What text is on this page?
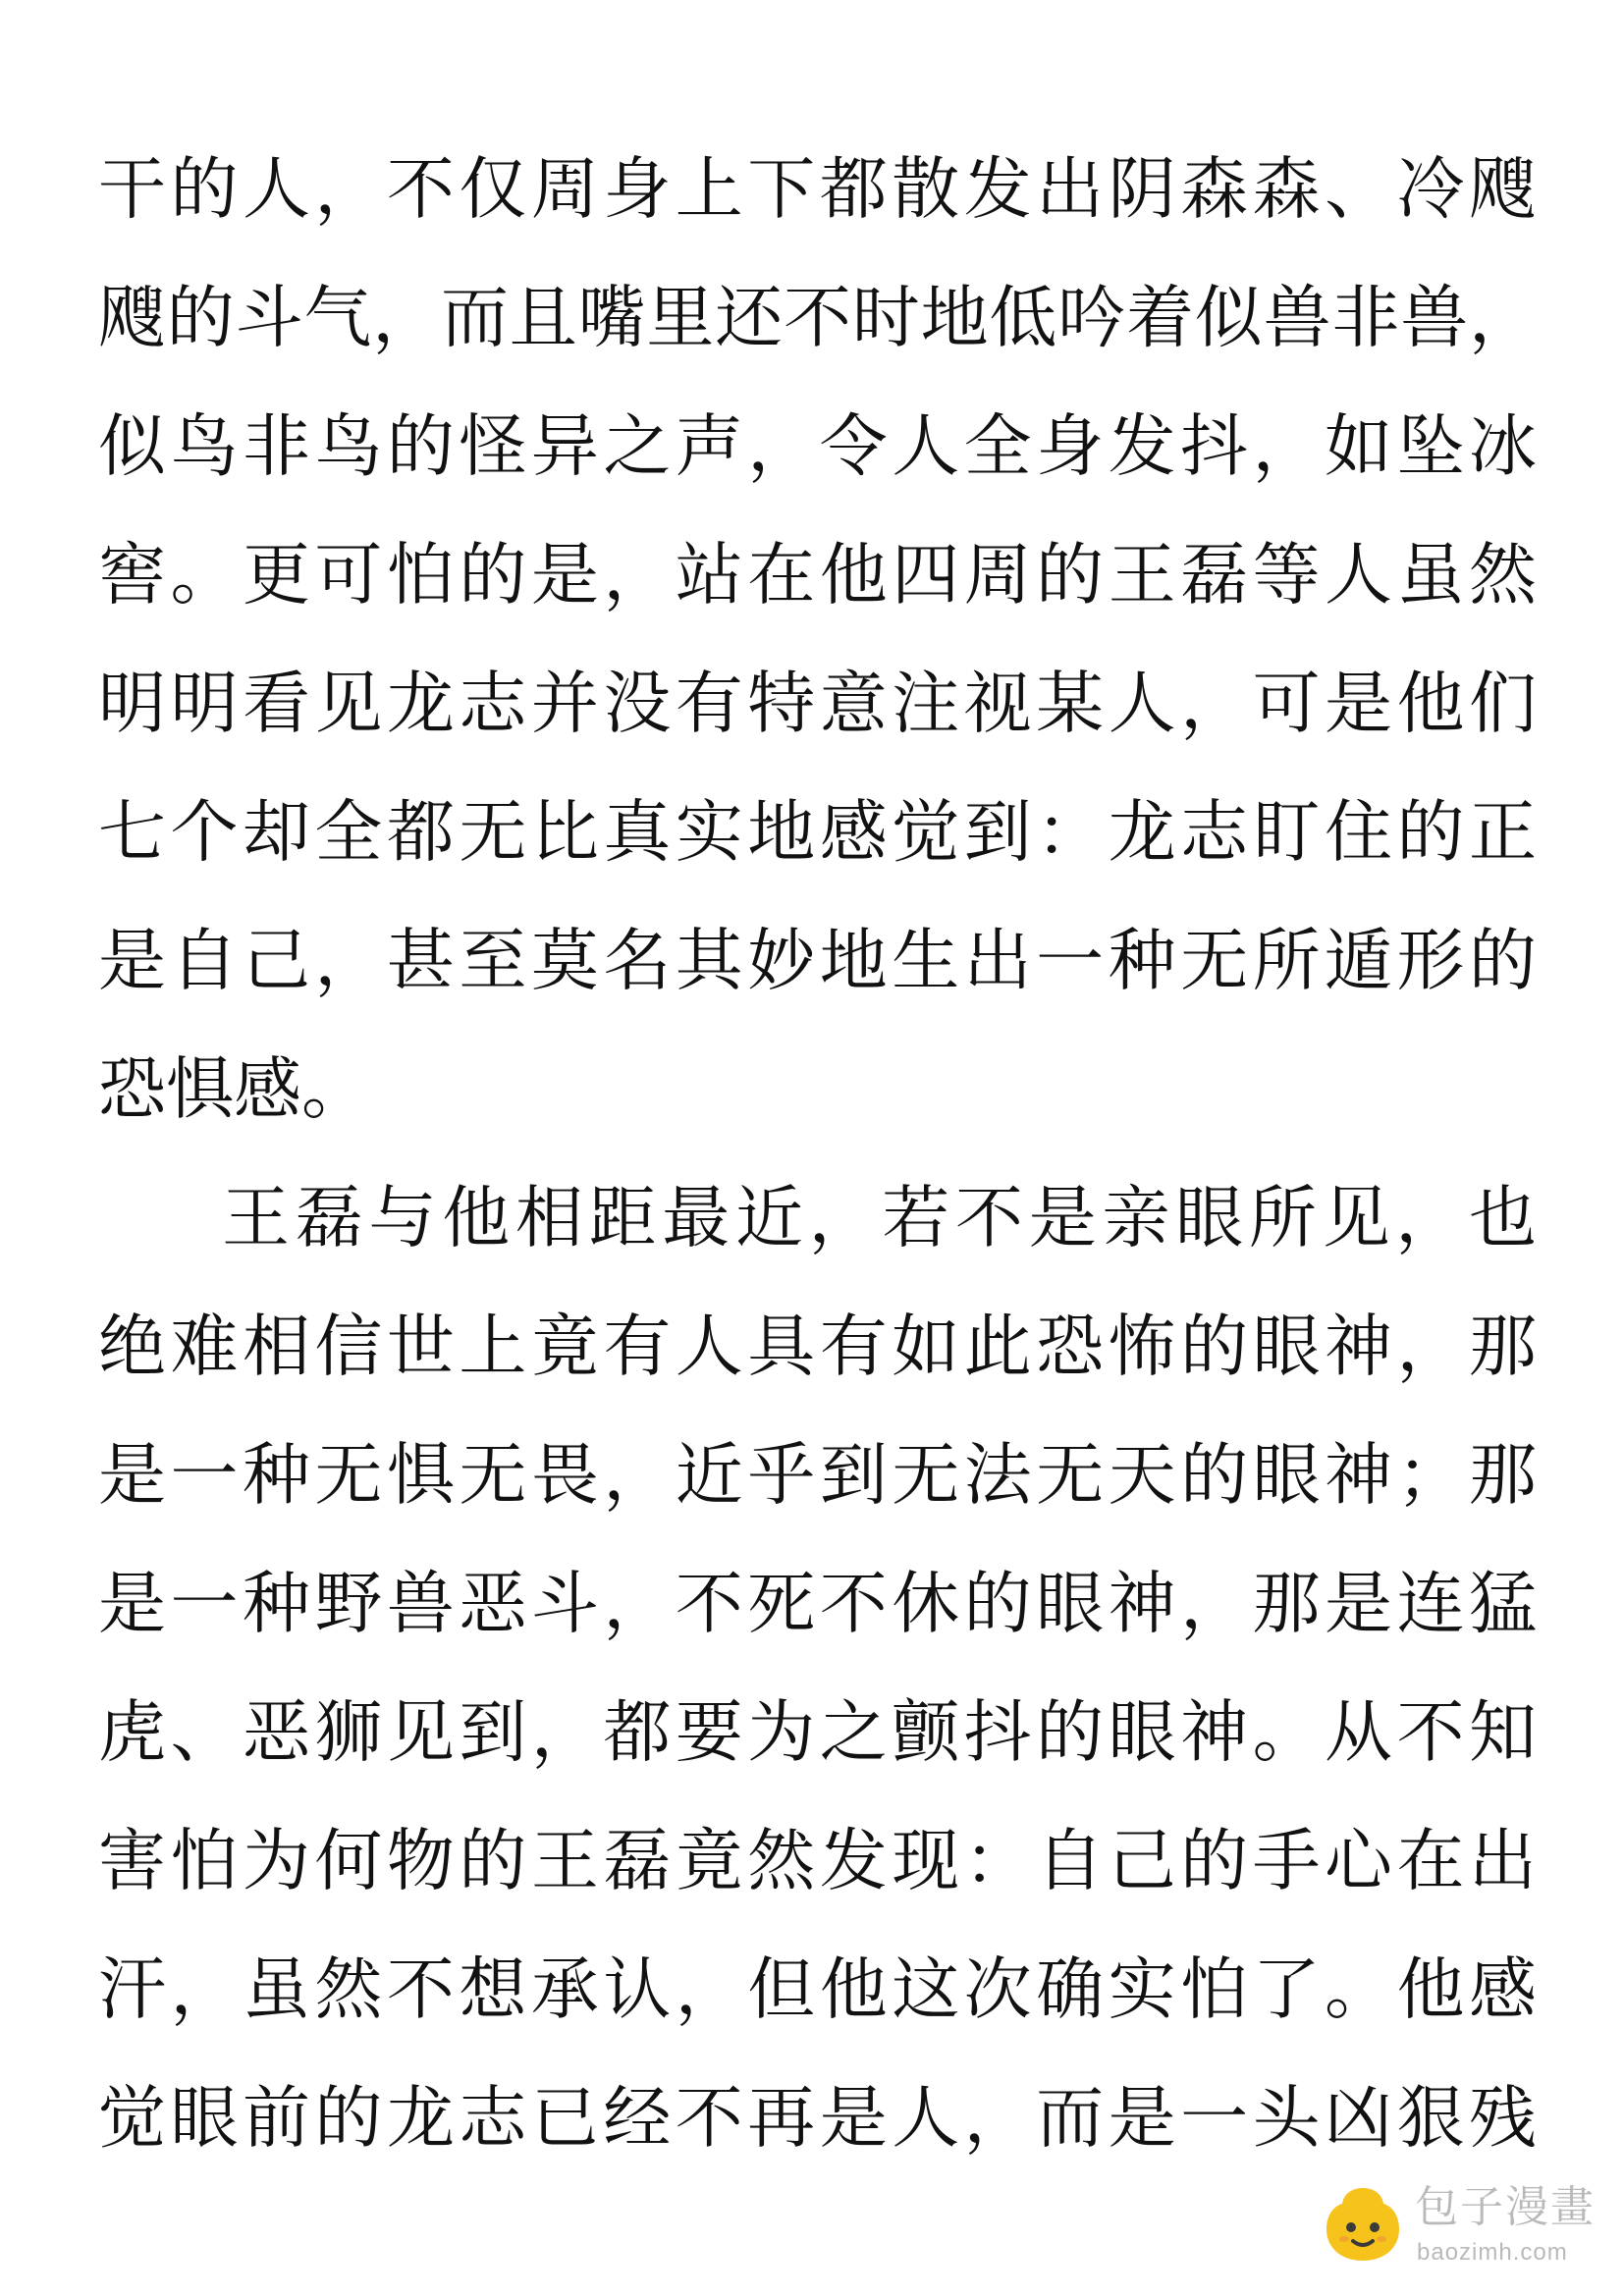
干的人，不仅周身上下都散发出阴森森、冷飕
飕的斗气，而且嘴里还不时地低吟着似兽非兽，
似鸟非鸟的怪异之声，令人全身发抖，如坠冰
窖。更可怕的是，站在他四周的王磊等人虽然
明明看见龙志并没有特意注视某人，可是他们
七个却全都无比真实地感觉到：龙志盯住的正
是自己，甚至莫名其妙地生出一种无所遁形的
恐惧感。
王磊与他相距最近，若不是亲眼所见，也
绝难相信世上竟有人具有如此恐怖的眼神，那
是一种无惧无畏，近乎到无法无天的眼神；那
是一种野兽恶斗，不死不休的眼神，那是连猛
虎、恶狮见到，都要为之颤抖的眼神。从不知
害怕为何物的王磊竟然发现：自己的手心在出
汗，虽然不想承认，但他这次确实怕了。他感
觉眼前的龙志已经不再是人，而是一头凶狠残
包子漫畫
baozimh.com
